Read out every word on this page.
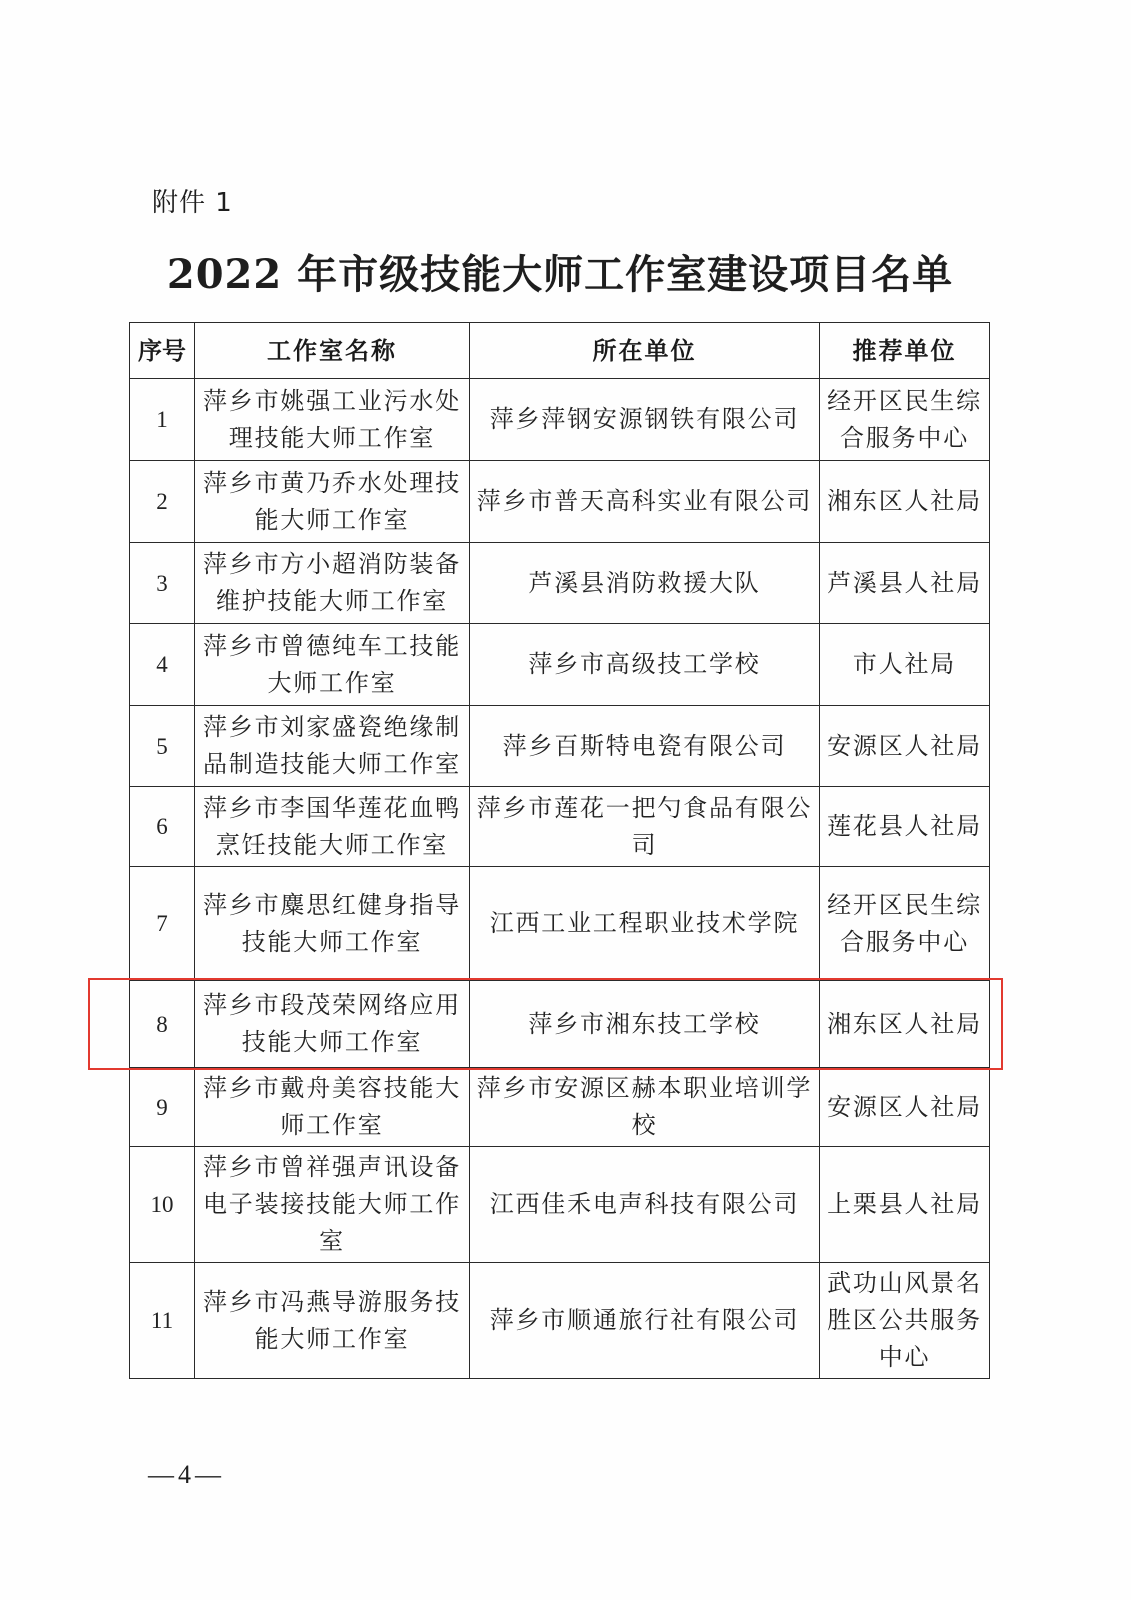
附件 1
2022 年市级技能大师工作室建设项目名单
序号	工作室名称	所在单位	推荐单位
1	萍乡市姚强工业污水处理技能大师工作室	萍乡萍钢安源钢铁有限公司	经开区民生综合服务中心
2	萍乡市黄乃乔水处理技能大师工作室	萍乡市普天高科实业有限公司	湘东区人社局
3	萍乡市方小超消防装备维护技能大师工作室	芦溪县消防救援大队	芦溪县人社局
4	萍乡市曾德纯车工技能大师工作室	萍乡市高级技工学校	市人社局
5	萍乡市刘家盛瓷绝缘制品制造技能大师工作室	萍乡百斯特电瓷有限公司	安源区人社局
6	萍乡市李国华莲花血鸭烹饪技能大师工作室	萍乡市莲花一把勺食品有限公司	莲花县人社局
7	萍乡市麋思红健身指导技能大师工作室	江西工业工程职业技术学院	经开区民生综合服务中心
8	萍乡市段茂荣网络应用技能大师工作室	萍乡市湘东技工学校	湘东区人社局
9	萍乡市戴舟美容技能大师工作室	萍乡市安源区赫本职业培训学校	安源区人社局
10	萍乡市曾祥强声讯设备电子装接技能大师工作室	江西佳禾电声科技有限公司	上栗县人社局
11	萍乡市冯燕导游服务技能大师工作室	萍乡市顺通旅行社有限公司	武功山风景名胜区公共服务中心
—4—
